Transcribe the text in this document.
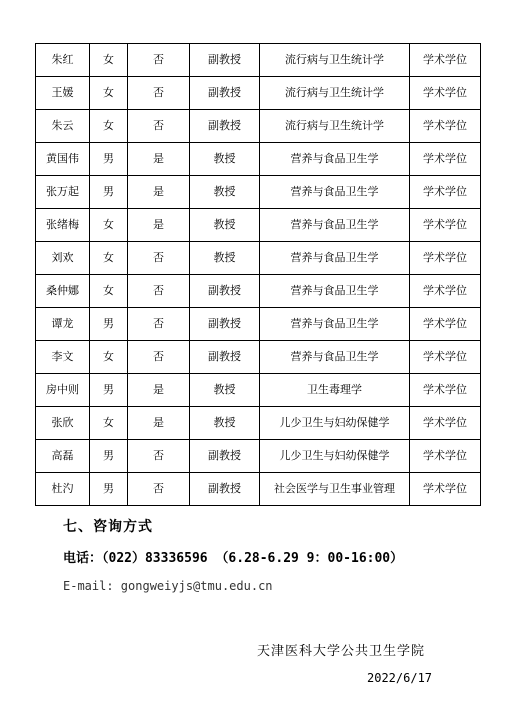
朱红	女	否	副教授	流行病与卫生统计学	学术学位
王媛	女	否	副教授	流行病与卫生统计学	学术学位
朱云	女	否	副教授	流行病与卫生统计学	学术学位
黄国伟	男	是	教授	营养与食品卫生学	学术学位
张万起	男	是	教授	营养与食品卫生学	学术学位
张绪梅	女	是	教授	营养与食品卫生学	学术学位
刘欢	女	否	教授	营养与食品卫生学	学术学位
桑仲娜	女	否	副教授	营养与食品卫生学	学术学位
谭龙	男	否	副教授	营养与食品卫生学	学术学位
李文	女	否	副教授	营养与食品卫生学	学术学位
房中则	男	是	教授	卫生毒理学	学术学位
张欣	女	是	教授	儿少卫生与妇幼保健学	学术学位
高磊	男	否	副教授	儿少卫生与妇幼保健学	学术学位
杜汋	男	否	副教授	社会医学与卫生事业管理	学术学位
七、咨询方式
电话：（022）83336596 （6.28-6.29 9：00-16:00）
E-mail: gongweiyjs@tmu.edu.cn
天津医科大学公共卫生学院
2022/6/17
